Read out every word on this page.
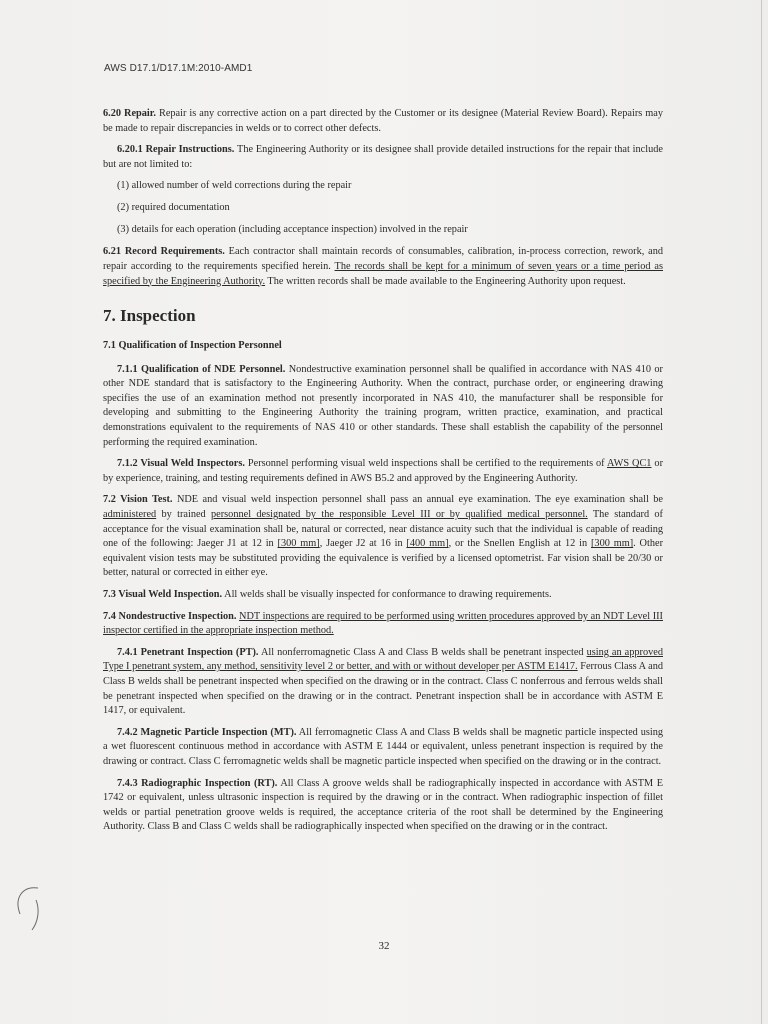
AWS D17.1/D17.1M:2010-AMD1

6.20 Repair. Repair is any corrective action on a part directed by the Customer or its designee (Material Review Board). Repairs may be made to repair discrepancies in welds or to correct other defects.

6.20.1 Repair Instructions. The Engineering Authority or its designee shall provide detailed instructions for the repair that include but are not limited to:

(1) allowed number of weld corrections during the repair
(2) required documentation
(3) details for each operation (including acceptance inspection) involved in the repair

6.21 Record Requirements. Each contractor shall maintain records of consumables, calibration, in-process correction, rework, and repair according to the requirements specified herein. The records shall be kept for a minimum of seven years or a time period as specified by the Engineering Authority. The written records shall be made available to the Engineering Authority upon request.

7. Inspection
7.1 Qualification of Inspection Personnel

7.1.1 Qualification of NDE Personnel. Nondestructive examination personnel shall be qualified in accordance with NAS 410 or other NDE standard that is satisfactory to the Engineering Authority. When the contract, purchase order, or engineering drawing specifies the use of an examination method not presently incorporated in NAS 410, the manufacturer shall be responsible for developing and submitting to the Engineering Authority the training program, written practice, examination, and practical demonstrations equivalent to the requirements of NAS 410 or other standards. These shall establish the capability of the personnel performing the required examination.

7.1.2 Visual Weld Inspectors. Personnel performing visual weld inspections shall be certified to the requirements of AWS QC1 or by experience, training, and testing requirements defined in AWS B5.2 and approved by the Engineering Authority.

7.2 Vision Test. NDE and visual weld inspection personnel shall pass an annual eye examination. The eye examination shall be administered by trained personnel designated by the responsible Level III or by qualified medical personnel. The standard of acceptance for the visual examination shall be, natural or corrected, near distance acuity such that the individual is capable of reading one of the following: Jaeger J1 at 12 in [300 mm], Jaeger J2 at 16 in [400 mm], or the Snellen English at 12 in [300 mm]. Other equivalent vision tests may be substituted providing the equivalence is verified by a licensed optometrist. Far vision shall be 20/30 or better, natural or corrected in either eye.

7.3 Visual Weld Inspection. All welds shall be visually inspected for conformance to drawing requirements.

7.4 Nondestructive Inspection. NDT inspections are required to be performed using written procedures approved by an NDT Level III inspector certified in the appropriate inspection method.

7.4.1 Penetrant Inspection (PT). All nonferromagnetic Class A and Class B welds shall be penetrant inspected using an approved Type I penetrant system, any method, sensitivity level 2 or better, and with or without developer per ASTM E1417. Ferrous Class A and Class B welds shall be penetrant inspected when specified on the drawing or in the contract. Class C nonferrous and ferrous welds shall be penetrant inspected when specified on the drawing or in the contract. Penetrant inspection shall be in accordance with ASTM E 1417, or equivalent.

7.4.2 Magnetic Particle Inspection (MT). All ferromagnetic Class A and Class B welds shall be magnetic particle inspected using a wet fluorescent continuous method in accordance with ASTM E 1444 or equivalent, unless penetrant inspection is required by the drawing or contract. Class C ferromagnetic welds shall be magnetic particle inspected when specified on the drawing or in the contract.

7.4.3 Radiographic Inspection (RT). All Class A groove welds shall be radiographically inspected in accordance with ASTM E 1742 or equivalent, unless ultrasonic inspection is required by the drawing or in the contract. When radiographic inspection of fillet welds or partial penetration groove welds is required, the acceptance criteria of the root shall be determined by the Engineering Authority. Class B and Class C welds shall be radiographically inspected when specified on the drawing or in the contract.

32
